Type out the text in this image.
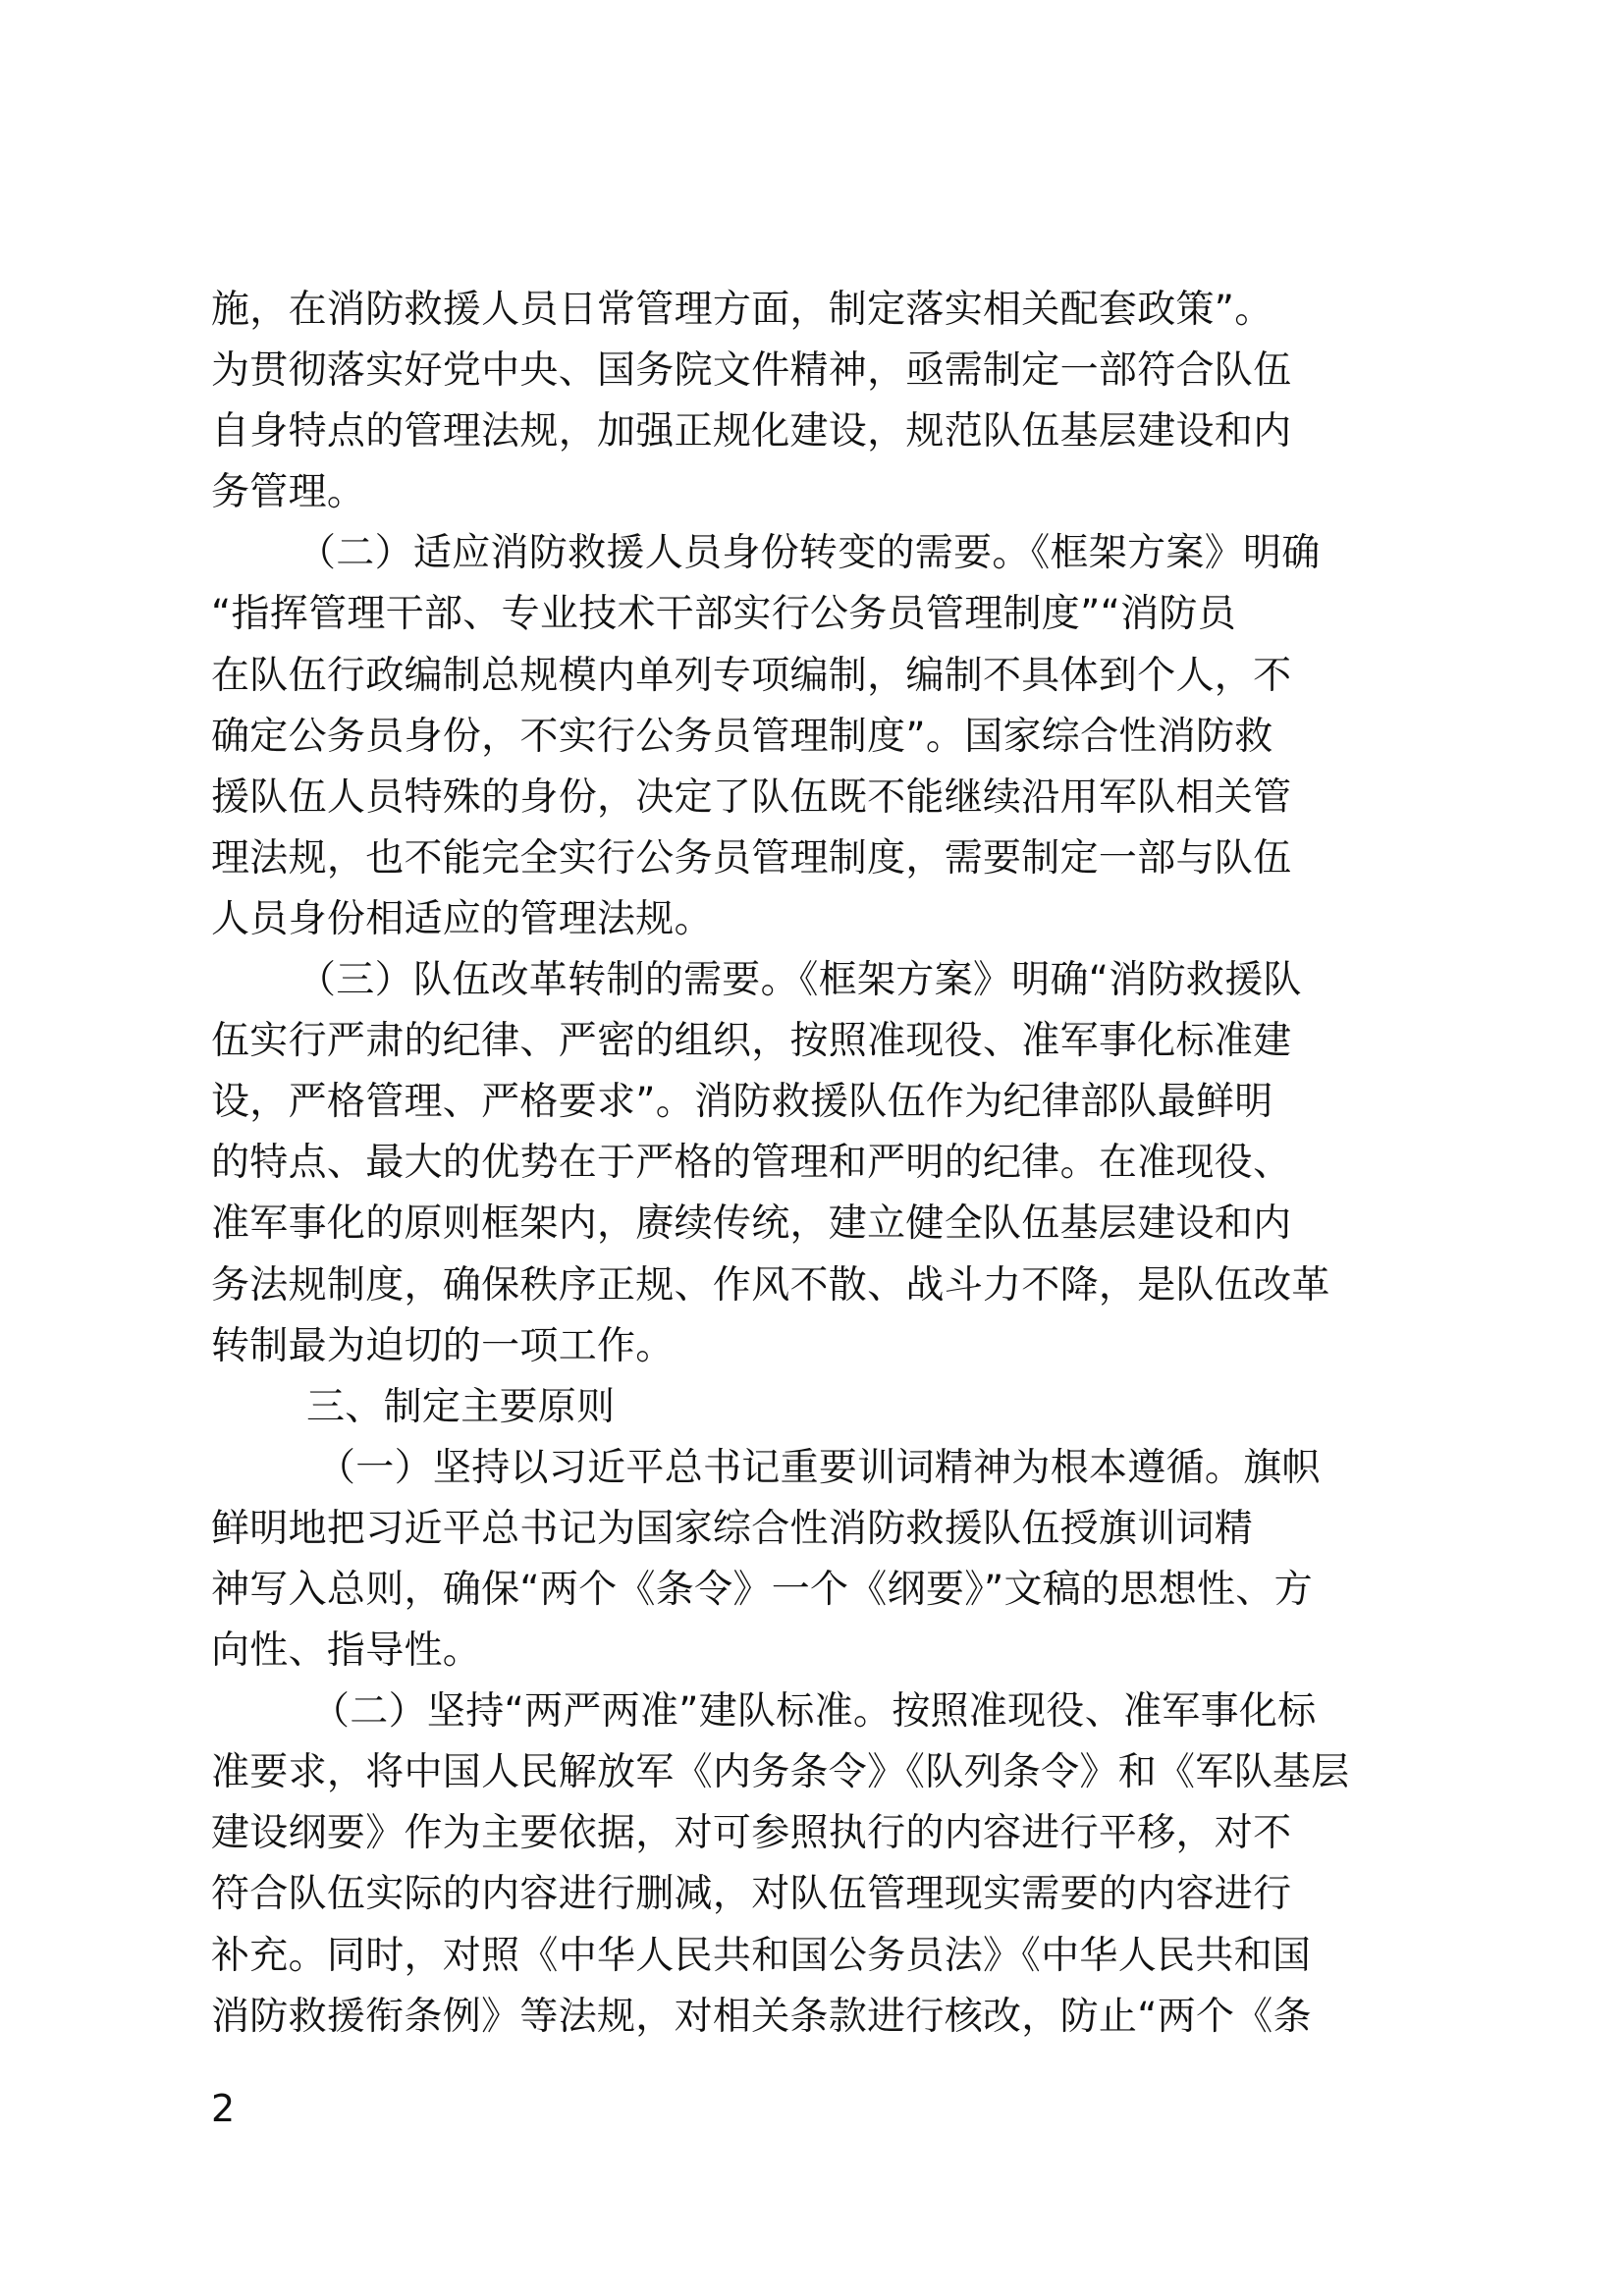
施，在消防救援人员日常管理方面，制定落实相关配套政策”。
为贯彻落实好党中央、国务院文件精神，亟需制定一部符合队伍
自身特点的管理法规，加强正规化建设，规范队伍基层建设和内
务管理。
（二）适应消防救援人员身份转变的需要。《框架方案》明确
“指挥管理干部、专业技术干部实行公务员管理制度”“消防员
在队伍行政编制总规模内单列专项编制，编制不具体到个人，不
确定公务员身份，不实行公务员管理制度”。国家综合性消防救
援队伍人员特殊的身份，决定了队伍既不能继续沿用军队相关管
理法规，也不能完全实行公务员管理制度，需要制定一部与队伍
人员身份相适应的管理法规。
（三）队伍改革转制的需要。《框架方案》明确“消防救援队
伍实行严肃的纪律、严密的组织，按照准现役、准军事化标准建
设，严格管理、严格要求”。消防救援队伍作为纪律部队最鲜明
的特点、最大的优势在于严格的管理和严明的纪律。在准现役、
准军事化的原则框架内，赓续传统，建立健全队伍基层建设和内
务法规制度，确保秩序正规、作风不散、战斗力不降，是队伍改革
转制最为迫切的一项工作。
三、制定主要原则
（一）坚持以习近平总书记重要训词精神为根本遵循。旗帜
鲜明地把习近平总书记为国家综合性消防救援队伍授旗训词精
神写入总则，确保“两个《条令》一个《纲要》”文稿的思想性、方
向性、指导性。
（二）坚持“两严两准”建队标准。按照准现役、准军事化标
准要求，将中国人民解放军《内务条令》《队列条令》和《军队基层
建设纲要》作为主要依据，对可参照执行的内容进行平移，对不
符合队伍实际的内容进行删减，对队伍管理现实需要的内容进行
补充。同时，对照《中华人民共和国公务员法》《中华人民共和国
消防救援衔条例》等法规，对相关条款进行核改，防止“两个《条
2
